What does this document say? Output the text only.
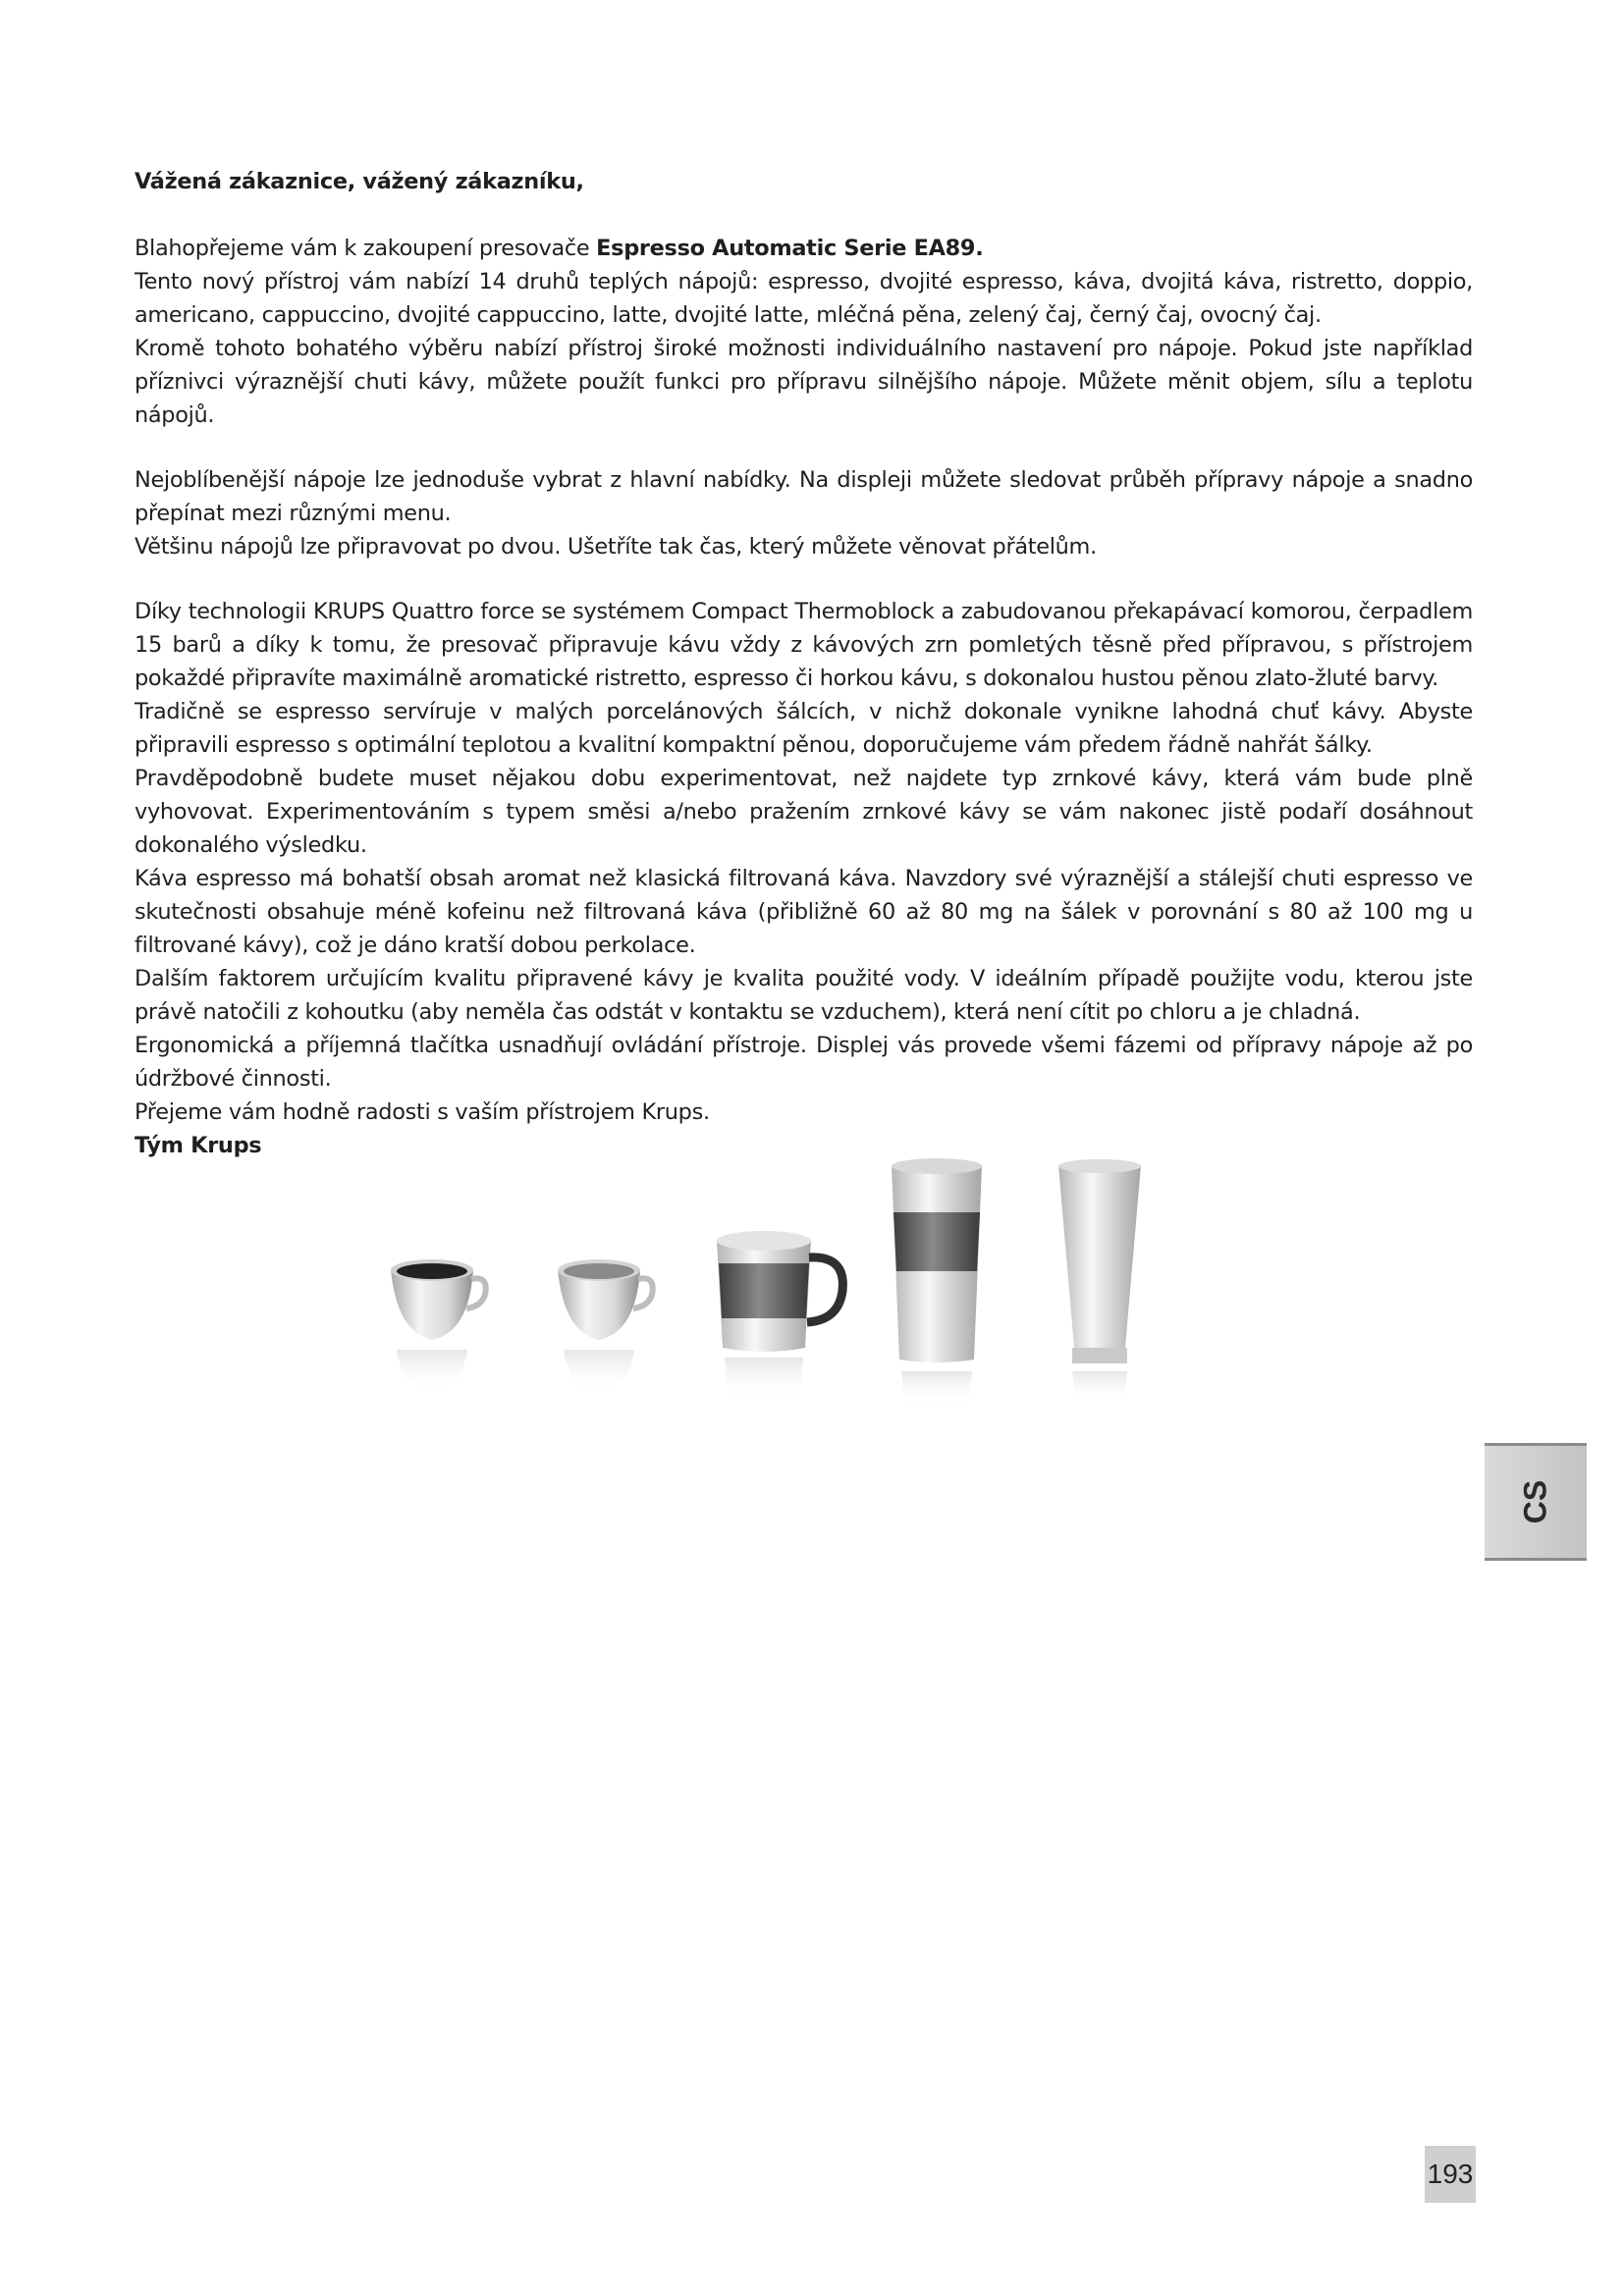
Vážená zákaznice, vážený zákazníku,

Blahopřejeme vám k zakoupení presovače Espresso Automatic Serie EA89.

Tento nový přístroj vám nabízí 14 druhů teplých nápojů: espresso, dvojité espresso, káva, dvojitá káva, ristretto, doppio, americano, cappuccino, dvojité cappuccino, latte, dvojité latte, mléčná pěna, zelený čaj, černý čaj, ovocný čaj.

Kromě tohoto bohatého výběru nabízí přístroj široké možnosti individuálního nastavení pro nápoje. Pokud jste například příznivci výraznější chuti kávy, můžete použít funkci pro přípravu silnějšího nápoje. Můžete měnit objem, sílu a teplotu nápojů.

Nejoblíbenější nápoje lze jednoduše vybrat z hlavní nabídky. Na displeji můžete sledovat průběh přípravy nápoje a snadno přepínat mezi různými menu.

Většinu nápojů lze připravovat po dvou. Ušetříte tak čas, který můžete věnovat přátelům.

Díky technologii KRUPS Quattro force se systémem Compact Thermoblock a zabudovanou překapávací komorou, čerpadlem 15 barů a díky k tomu, že presovač připravuje kávu vždy z kávových zrn pomletých těsně před přípravou, s přístrojem pokaždé připravíte maximálně aromatické ristretto, espresso či horkou kávu, s dokonalou hustou pěnou zlato-žluté barvy.

Tradičně se espresso servíruje v malých porcelánových šálcích, v nichž dokonale vynikne lahodná chuť kávy. Abyste připravili espresso s optimální teplotou a kvalitní kompaktní pěnou, doporučujeme vám předem řádně nahřát šálky.

Pravděpodobně budete muset nějakou dobu experimentovat, než najdete typ zrnkové kávy, která vám bude plně vyhovovat. Experimentováním s typem směsi a/nebo pražením zrnkové kávy se vám nakonec jistě podaří dosáhnout dokonalého výsledku.

Káva espresso má bohatší obsah aromat než klasická filtrovaná káva. Navzdory své výraznější a stálejší chuti espresso ve skutečnosti obsahuje méně kofeinu než filtrovaná káva (přibližně 60 až 80 mg na šálek v porovnání s 80 až 100 mg u filtrované kávy), což je dáno kratší dobou perkolace.

Dalším faktorem určujícím kvalitu připravené kávy je kvalita použité vody. V ideálním případě použijte vodu, kterou jste právě natočili z kohoutku (aby neměla čas odstát v kontaktu se vzduchem), která není cítit po chloru a je chladná.

Ergonomická a příjemná tlačítka usnadňují ovládání přístroje. Displej vás provede všemi fázemi od přípravy nápoje až po údržbové činnosti.

Přejeme vám hodně radosti s vaším přístrojem Krups.

Tým Krups

CS
193
